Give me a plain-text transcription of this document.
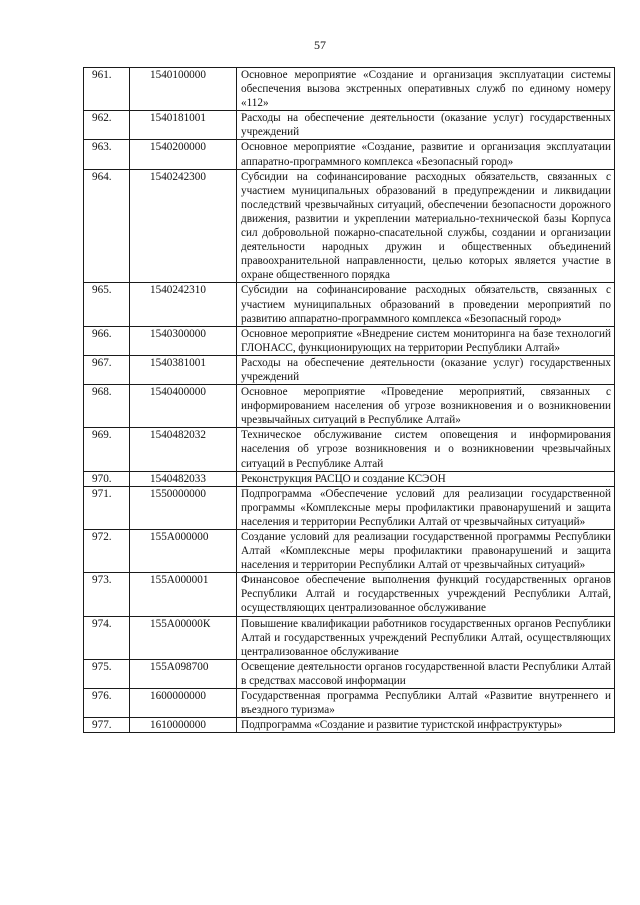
57
961.	1540100000	Основное мероприятие «Создание и организация эксплуатации системы обеспечения вызова экстренных оперативных служб по единому номеру «112»
962.	1540181001	Расходы на обеспечение деятельности (оказание услуг) государственных учреждений
963.	1540200000	Основное мероприятие «Создание, развитие и организация эксплуатации аппаратно-программного комплекса «Безопасный город»
964.	1540242300	Субсидии на софинансирование расходных обязательств, связанных с участием муниципальных образований в предупреждении и ликвидации последствий чрезвычайных ситуаций, обеспечении безопасности дорожного движения, развитии и укреплении материально-технической базы Корпуса сил добровольной пожарно-спасательной службы, создании и организации деятельности народных дружин и общественных объединений правоохранительной направленности, целью которых является участие в охране общественного порядка
965.	1540242310	Субсидии на софинансирование расходных обязательств, связанных с участием муниципальных образований в проведении мероприятий по развитию аппаратно-программного комплекса «Безопасный город»
966.	1540300000	Основное мероприятие «Внедрение систем мониторинга на базе технологий ГЛОНАСС, функционирующих на территории Республики Алтай»
967.	1540381001	Расходы на обеспечение деятельности (оказание услуг) государственных учреждений
968.	1540400000	Основное мероприятие «Проведение мероприятий, связанных с информированием населения об угрозе возникновения и о возникновении чрезвычайных ситуаций в Республике Алтай»
969.	1540482032	Техническое обслуживание систем оповещения и информирования населения об угрозе возникновения и о возникновении чрезвычайных ситуаций в Республике Алтай
970.	1540482033	Реконструкция РАСЦО и создание КСЭОН
971.	1550000000	Подпрограмма «Обеспечение условий для реализации государственной программы «Комплексные меры профилактики правонарушений и защита населения и территории Республики Алтай от чрезвычайных ситуаций»
972.	155А000000	Создание условий для реализации государственной программы Республики Алтай «Комплексные меры профилактики правонарушений и защита населения и территории Республики Алтай от чрезвычайных ситуаций»
973.	155А000001	Финансовое обеспечение выполнения функций государственных органов Республики Алтай и государственных учреждений Республики Алтай, осуществляющих централизованное обслуживание
974.	155А00000К	Повышение квалификации работников государственных органов Республики Алтай и государственных учреждений Республики Алтай, осуществляющих централизованное обслуживание
975.	155А098700	Освещение деятельности органов государственной власти Республики Алтай в средствах массовой информации
976.	1600000000	Государственная программа Республики Алтай «Развитие внутреннего и въездного туризма»
977.	1610000000	Подпрограмма «Создание и развитие туристской инфраструктуры»
